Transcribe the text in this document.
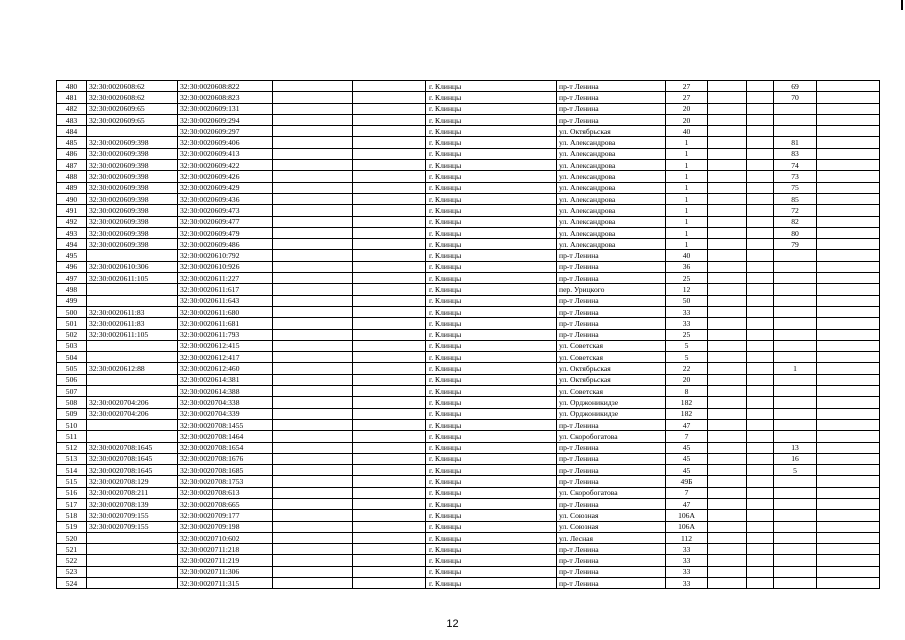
480	32:30:0020608:62	32:30:0020608:822			г. Клинцы	пр-т Ленина	27			69	
481	32:30:0020608:62	32:30:0020608:823			г. Клинцы	пр-т Ленина	27			70	
482	32:30:0020609:65	32:30:0020609:131			г. Клинцы	пр-т Ленина	20				
483	32:30:0020609:65	32:30:0020609:294			г. Клинцы	пр-т Ленина	20				
484		32:30:0020609:297			г. Клинцы	ул. Октябрьская	40				
485	32:30:0020609:398	32:30:0020609:406			г. Клинцы	ул. Александрова	1			81	
486	32:30:0020609:398	32:30:0020609:413			г. Клинцы	ул. Александрова	1			83	
487	32:30:0020609:398	32:30:0020609:422			г. Клинцы	ул. Александрова	1			74	
488	32:30:0020609:398	32:30:0020609:426			г. Клинцы	ул. Александрова	1			73	
489	32:30:0020609:398	32:30:0020609:429			г. Клинцы	ул. Александрова	1			75	
490	32:30:0020609:398	32:30:0020609:436			г. Клинцы	ул. Александрова	1			85	
491	32:30:0020609:398	32:30:0020609:473			г. Клинцы	ул. Александрова	1			72	
492	32:30:0020609:398	32:30:0020609:477			г. Клинцы	ул. Александрова	1			82	
493	32:30:0020609:398	32:30:0020609:479			г. Клинцы	ул. Александрова	1			80	
494	32:30:0020609:398	32:30:0020609:486			г. Клинцы	ул. Александрова	1			79	
495		32:30:0020610:792			г. Клинцы	пр-т Ленина	40				
496	32:30:0020610:306	32:30:0020610:926			г. Клинцы	пр-т Ленина	36				
497	32:30:0020611:105	32:30:0020611:227			г. Клинцы	пр-т Ленина	25				
498		32:30:0020611:617			г. Клинцы	пер. Урицкого	12				
499		32:30:0020611:643			г. Клинцы	пр-т Ленина	50				
500	32:30:0020611:83	32:30:0020611:680			г. Клинцы	пр-т Ленина	33				
501	32:30:0020611:83	32:30:0020611:681			г. Клинцы	пр-т Ленина	33				
502	32:30:0020611:105	32:30:0020611:793			г. Клинцы	пр-т Ленина	25				
503		32:30:0020612:415			г. Клинцы	ул. Советская	5				
504		32:30:0020612:417			г. Клинцы	ул. Советская	5				
505	32:30:0020612:88	32:30:0020612:460			г. Клинцы	ул. Октябрьская	22			1	
506		32:30:0020614:381			г. Клинцы	ул. Октябрьская	20				
507		32:30:0020614:388			г. Клинцы	ул. Советская	8				
508	32:30:0020704:206	32:30:0020704:338			г. Клинцы	ул. Орджоникидзе	182				
509	32:30:0020704:206	32:30:0020704:339			г. Клинцы	ул. Орджоникидзе	182				
510		32:30:0020708:1455			г. Клинцы	пр-т Ленина	47				
511		32:30:0020708:1464			г. Клинцы	ул. Скоробогатова	7				
512	32:30:0020708:1645	32:30:0020708:1654			г. Клинцы	пр-т Ленина	45			13	
513	32:30:0020708:1645	32:30:0020708:1676			г. Клинцы	пр-т Ленина	45			16	
514	32:30:0020708:1645	32:30:0020708:1685			г. Клинцы	пр-т Ленина	45			5	
515	32:30:0020708:129	32:30:0020708:1753			г. Клинцы	пр-т Ленина	49Б				
516	32:30:0020708:211	32:30:0020708:613			г. Клинцы	ул. Скоробогатова	7				
517	32:30:0020708:139	32:30:0020708:665			г. Клинцы	пр-т Ленина	47				
518	32:30:0020709:155	32:30:0020709:177			г. Клинцы	ул. Союзная	106А				
519	32:30:0020709:155	32:30:0020709:198			г. Клинцы	ул. Союзная	106А				
520		32:30:0020710:602			г. Клинцы	ул. Лесная	112				
521		32:30:0020711:218			г. Клинцы	пр-т Ленина	33				
522		32:30:0020711:219			г. Клинцы	пр-т Ленина	33				
523		32:30:0020711:306			г. Клинцы	пр-т Ленина	33				
524		32:30:0020711:315			г. Клинцы	пр-т Ленина	33				
12
